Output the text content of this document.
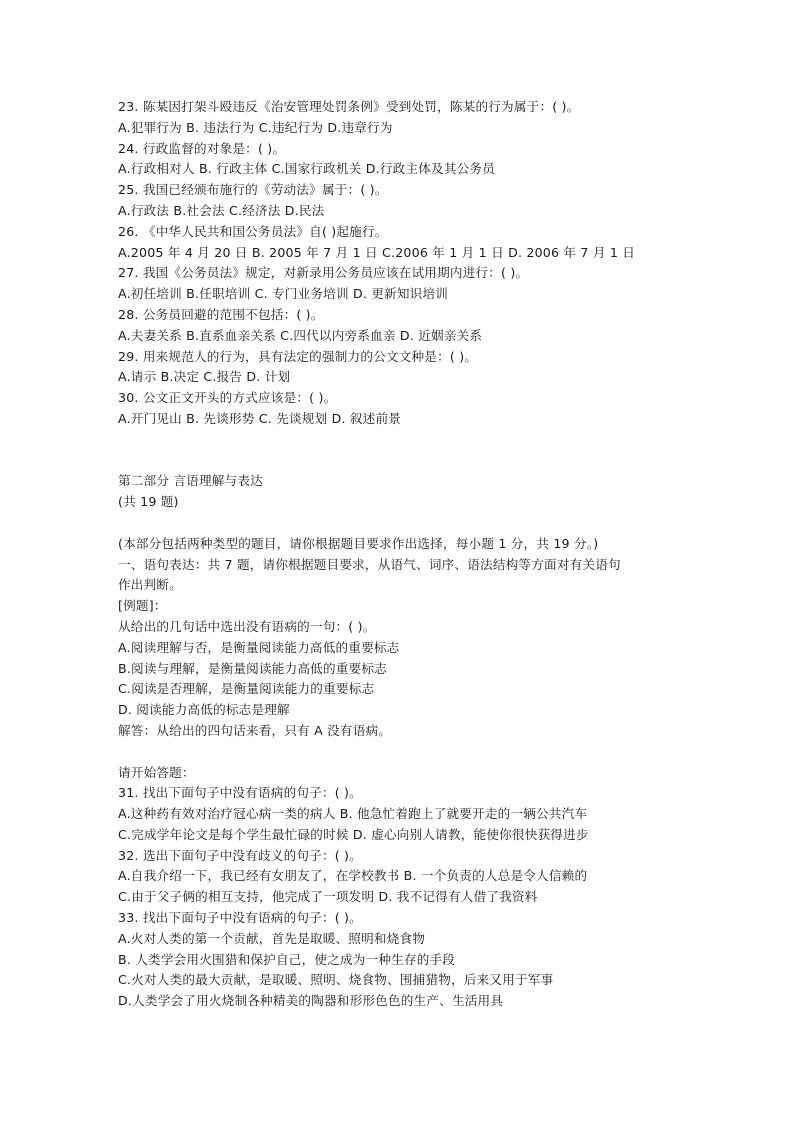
23. 陈某因打架斗殴违反《治安管理处罚条例》受到处罚，陈某的行为属于：( )。
A.犯罪行为 B. 违法行为 C.违纪行为 D.违章行为
24. 行政监督的对象是：( )。
A.行政相对人 B. 行政主体 C.国家行政机关 D.行政主体及其公务员
25. 我国已经颁布施行的《劳动法》属于：( )。
A.行政法 B.社会法 C.经济法 D.民法
26. 《中华人民共和国公务员法》自( )起施行。
A.2005 年 4 月 20 日 B. 2005 年 7 月 1 日 C.2006 年 1 月 1 日 D. 2006 年 7 月 1 日
27. 我国《公务员法》规定，对新录用公务员应该在试用期内进行：( )。
A.初任培训 B.任职培训 C. 专门业务培训 D. 更新知识培训
28. 公务员回避的范围不包括：( )。
A.夫妻关系 B.直系血亲关系 C.四代以内旁系血亲 D. 近姻亲关系
29. 用来规范人的行为，具有法定的强制力的公文文种是：( )。
A.请示 B.决定 C.报告 D. 计划
30. 公文正文开头的方式应该是：( )。
A.开门见山 B. 先谈形势 C. 先谈规划 D. 叙述前景
第二部分 言语理解与表达
(共 19 题)
(本部分包括两种类型的题目，请你根据题目要求作出选择，每小题 1 分，共 19 分。)
一、语句表达：共 7 题，请你根据题目要求，从语气、词序、语法结构等方面对有关语句
作出判断。
[例题]：
从给出的几句话中选出没有语病的一句：( )。
A.阅读理解与否，是衡量阅读能力高低的重要标志
B.阅读与理解，是衡量阅读能力高低的重要标志
C.阅读是否理解，是衡量阅读能力的重要标志
D. 阅读能力高低的标志是理解
解答：从给出的四句话来看，只有 A 没有语病。
请开始答题：
31. 找出下面句子中没有语病的句子：( )。
A.这种药有效对治疗冠心病一类的病人 B. 他急忙着跑上了就要开走的一辆公共汽车
C.完成学年论文是每个学生最忙碌的时候 D. 虚心向别人请教，能使你很快获得进步
32. 选出下面句子中没有歧义的句子：( )。
A.自我介绍一下，我已经有女朋友了，在学校教书 B. 一个负责的人总是令人信赖的
C.由于父子俩的相互支持，他完成了一项发明 D. 我不记得有人借了我资料
33. 找出下面句子中没有语病的句子：( )。
A.火对人类的第一个贡献，首先是取暖、照明和烧食物
B. 人类学会用火围猎和保护自己，使之成为一种生存的手段
C.火对人类的最大贡献，是取暖、照明、烧食物、围捕猎物，后来又用于军事
D.人类学会了用火烧制各种精美的陶器和形形色色的生产、生活用具
